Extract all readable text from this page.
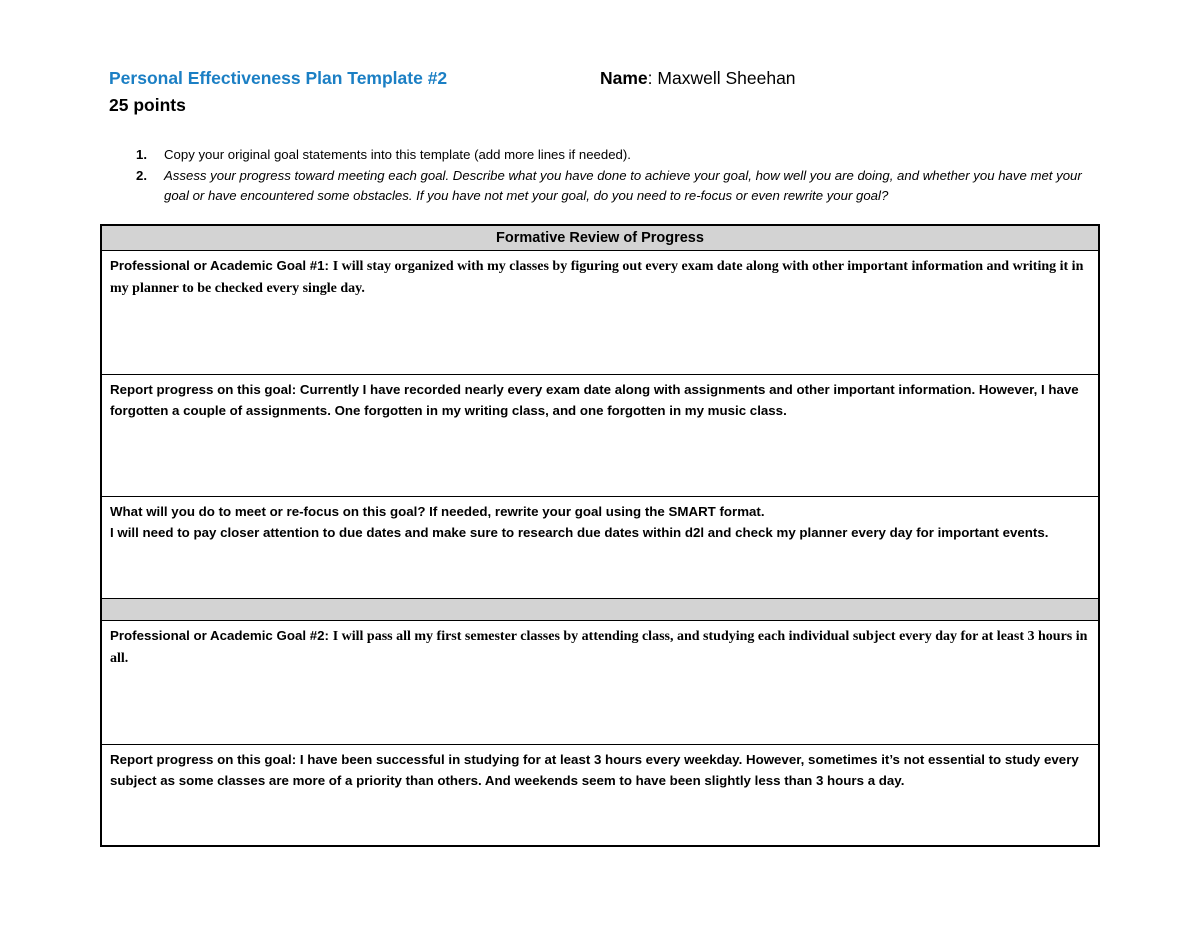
Personal Effectiveness Plan Template #2	Name: Maxwell Sheehan
25 points
1. Copy your original goal statements into this template (add more lines if needed).
2. Assess your progress toward meeting each goal. Describe what you have done to achieve your goal, how well you are doing, and whether you have met your goal or have encountered some obstacles. If you have not met your goal, do you need to re-focus or even rewrite your goal?
Formative Review of Progress
Professional or Academic Goal #1: I will stay organized with my classes by figuring out every exam date along with other important information and writing it in my planner to be checked every single day.
Report progress on this goal: Currently I have recorded nearly every exam date along with assignments and other important information. However, I have forgotten a couple of assignments. One forgotten in my writing class, and one forgotten in my music class.
What will you do to meet or re-focus on this goal? If needed, rewrite your goal using the SMART format.
I will need to pay closer attention to due dates and make sure to research due dates within d2l and check my planner every day for important events.
Professional or Academic Goal #2: I will pass all my first semester classes by attending class, and studying each individual subject every day for at least 3 hours in all.
Report progress on this goal: I have been successful in studying for at least 3 hours every weekday. However, sometimes it’s not essential to study every subject as some classes are more of a priority than others. And weekends seem to have been slightly less than 3 hours a day.
